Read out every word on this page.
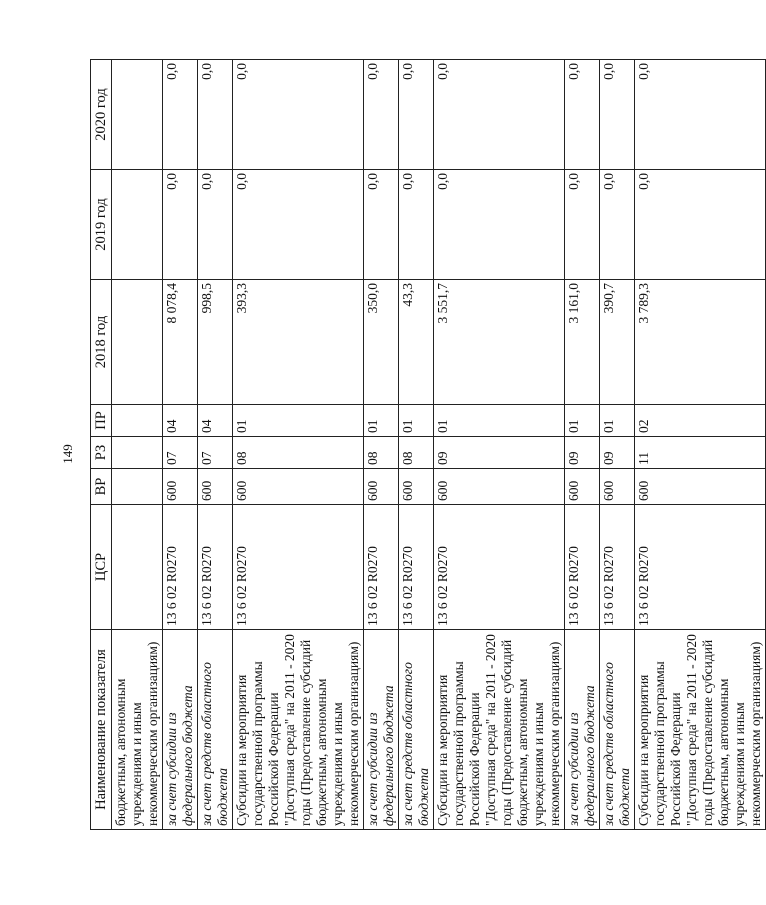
149
Наименование показателя	ЦСР	ВР	РЗ	ПР	2018 год	2019 год	2020 год
бюджетным, автономным учреждениям и иным некоммерческим организациям)							
за счет субсидии из федерального бюджета	13 6 02 R0270	600	07	04	8 078,4	0,0	0,0
за счет средств областного бюджета	13 6 02 R0270	600	07	04	998,5	0,0	0,0
Субсидии на мероприятия государственной программы Российской Федерации "Доступная среда" на 2011 - 2020 годы (Предоставление субсидий бюджетным, автономным учреждениям и иным некоммерческим организациям)	13 6 02 R0270	600	08	01	393,3	0,0	0,0
за счет субсидии из федерального бюджета	13 6 02 R0270	600	08	01	350,0	0,0	0,0
за счет средств областного бюджета	13 6 02 R0270	600	08	01	43,3	0,0	0,0
Субсидии на мероприятия государственной программы Российской Федерации "Доступная среда" на 2011 - 2020 годы (Предоставление субсидий бюджетным, автономным учреждениям и иным некоммерческим организациям)	13 6 02 R0270	600	09	01	3 551,7	0,0	0,0
за счет субсидии из федерального бюджета	13 6 02 R0270	600	09	01	3 161,0	0,0	0,0
за счет средств областного бюджета	13 6 02 R0270	600	09	01	390,7	0,0	0,0
Субсидии на мероприятия государственной программы Российской Федерации "Доступная среда" на 2011 - 2020 годы (Предоставление субсидий бюджетным, автономным учреждениям и иным некоммерческим организациям)	13 6 02 R0270	600	11	02	3 789,3	0,0	0,0
